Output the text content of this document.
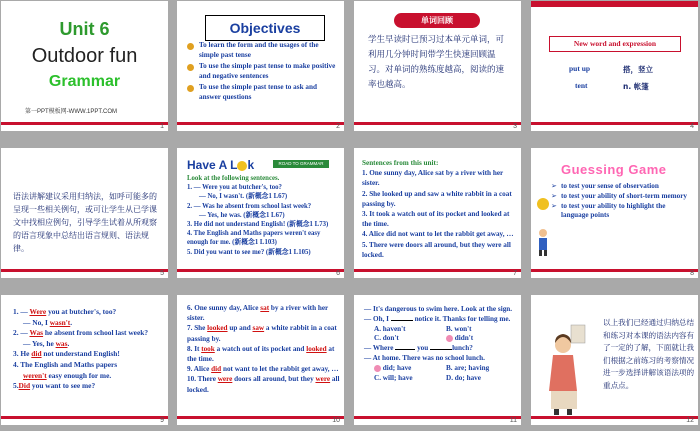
Unit 6
Outdoor fun
Grammar
第一PPT模板网-WWW.1PPT.COM
1
Objectives
To learn the form and the usages of the simple past tense
To use the simple past tense to make positive and negative sentences
To use the simple past tense to ask and answer questions
2
单词回顾
学生早读时已预习过本单元单词，可利用几分钟时间带学生快速回顾温习。对单词的熟练度越高，阅读的速率也越高。
3
New word and expression
put up	搭，竖立
tent	n. 帐篷
4
语法讲解建议采用归纳法，如呼可能多的呈现一些相关例句，或可让学生从已学课文中找相应例句，引导学生试着从所观察的语言现象中总结出语言规则、语法规律。
5
Have A L k	ROAD TO GRAMMAR
Look at the following sentences.
1. — Were you at butcher's, too?
— No, I wasn't. (新概念1 L67)
2. — Was he absent from school last week?
— Yes, he was. (新概念1 L67)
3. He did not understand English! (新概念1 L73)
4. The English and Maths papers weren't easy enough for me. (新概念1 L103)
5. Did you want to see me? (新概念1 L105)
6
Sentences from this unit:
1. One sunny day, Alice sat by a river with her sister.
2. She looked up and saw a white rabbit in a coat passing by.
3. It took a watch out of its pocket and looked at the time.
4. Alice did not want to let the rabbit get away, …
5. There were doors all around, but they were all locked.
7
Guessing Game
➢ to test your sense of observation
➢ to test your ability of short-term memory
➢ to test your ability to highlight the language points
8
1. — Were you at butcher's, too?
— No, I wasn't.
2. — Was he absent from school last week?
— Yes, he was.
3. He did not understand English!
4. The English and Maths papers
weren't easy enough for me.
5.Did you want to see me?
9
6. One sunny day, Alice sat by a river with her sister.
7. She looked up and saw a white rabbit in a coat passing by.
8. It took a watch out of its pocket and looked at the time.
9. Alice did not want to let the rabbit get away, …
10. There were doors all around, but they were all locked.
10
— It's dangerous to swim here. Look at the sign.
— Oh, I	notice it. Thanks for telling me.
A. haven't	B. won't
C. don't	didn't
— Where	you	lunch?
— At home. There was no school lunch.
did; have	B. are; having
C. will; have	D. do; have
11
以上我们已经通过归纳总结和练习对本课的语法内容有了一定的了解，下面就让我们根据之前练习的考察情况进一步选择讲解该语法项的重点点。
12
